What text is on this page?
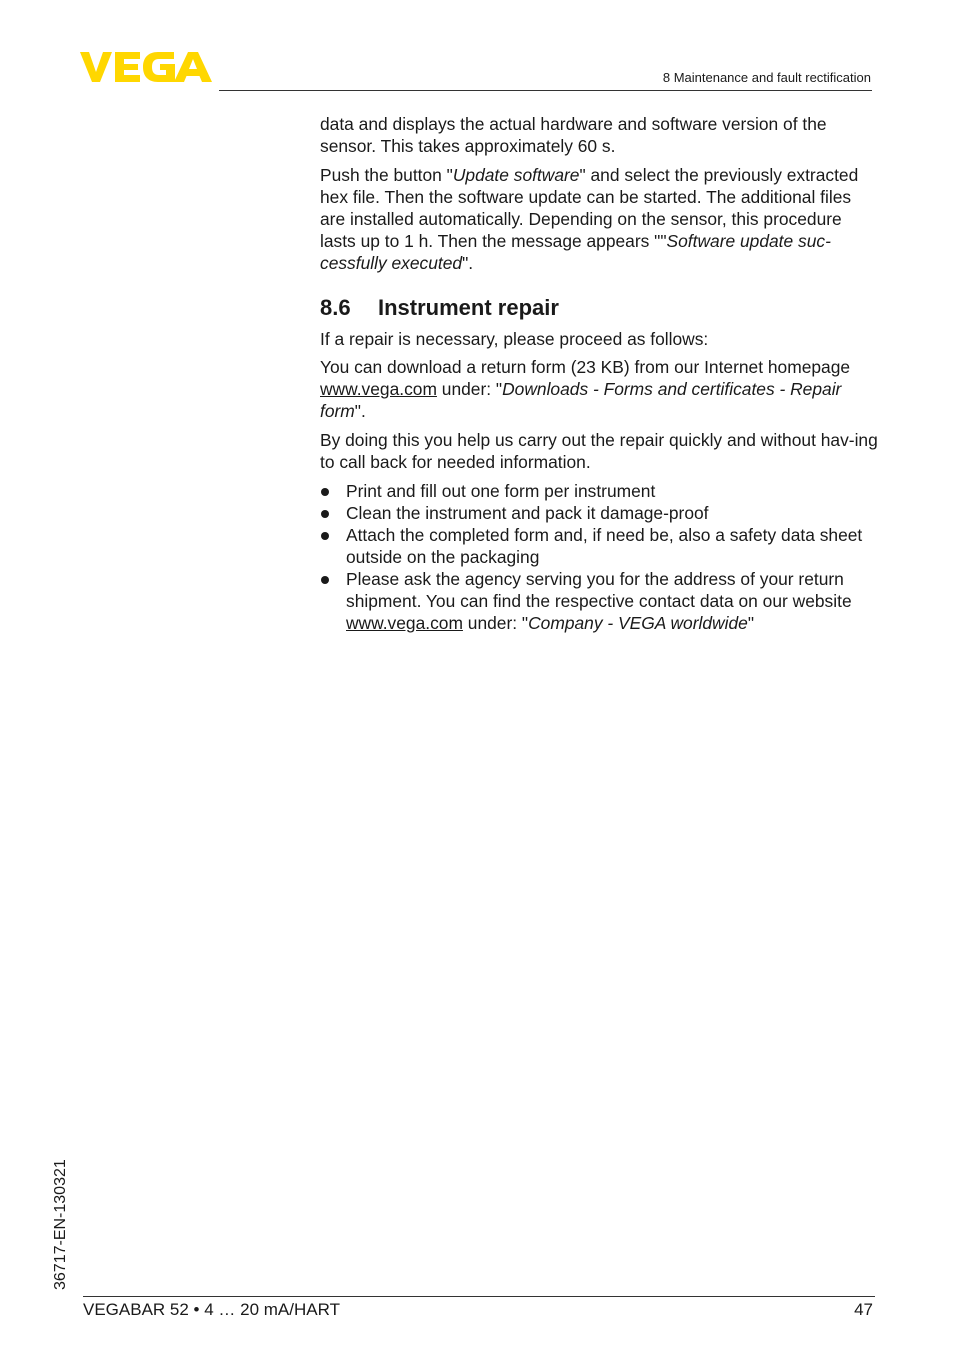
8 Maintenance and fault rectification

data and displays the actual hardware and software version of the sensor. This takes approximately 60 s.

Push the button "Update software" and select the previously extracted hex file. Then the software update can be started. The additional files are installed automatically. Depending on the sensor, this procedure lasts up to 1 h. Then the message appears ""Software update suc-cessfully executed".

8.6 Instrument repair

If a repair is necessary, please proceed as follows:

You can download a return form (23 KB) from our Internet homepage www.vega.com under: "Downloads - Forms and certificates - Repair form".

By doing this you help us carry out the repair quickly and without hav-ing to call back for needed information.

Print and fill out one form per instrument
Clean the instrument and pack it damage-proof
Attach the completed form and, if need be, also a safety data sheet outside on the packaging
Please ask the agency serving you for the address of your return shipment. You can find the respective contact data on our website www.vega.com under: "Company - VEGA worldwide"
36717-EN-130321
VEGABAR 52 • 4 … 20 mA/HART	47
